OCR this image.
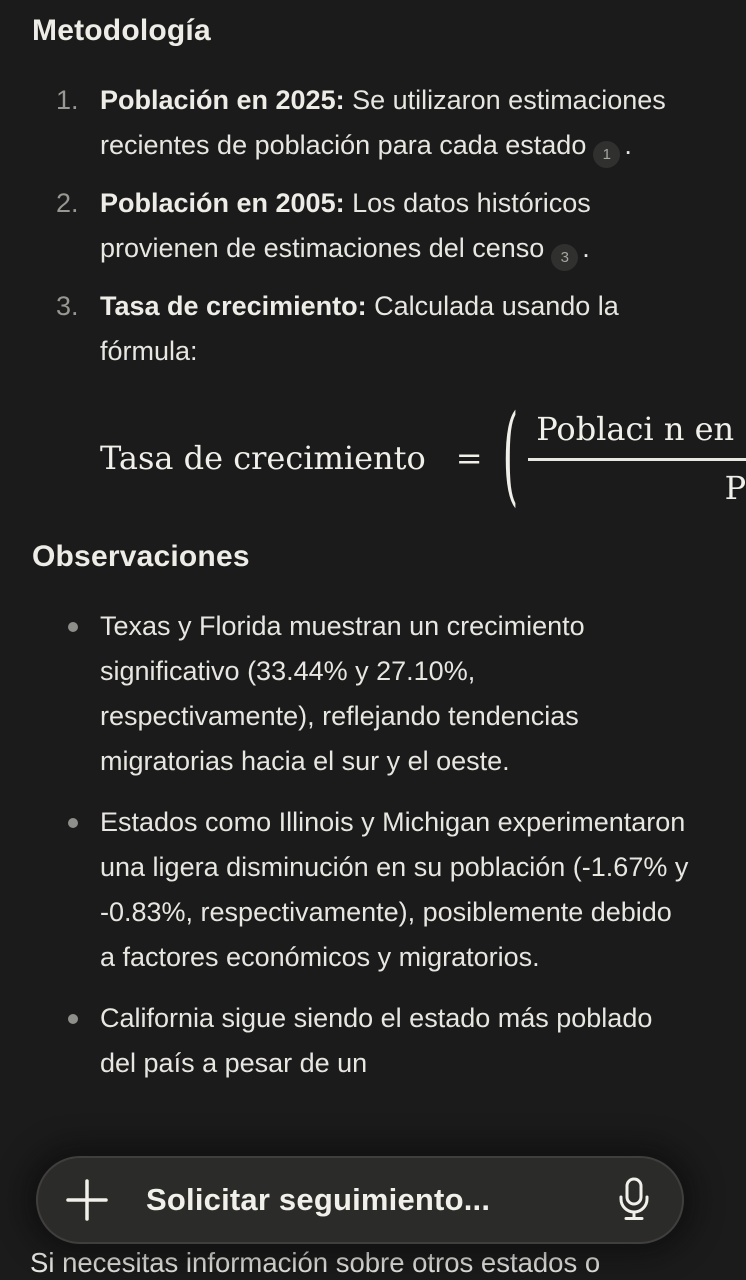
Metodología
1. Población en 2025: Se utilizaron estimaciones recientes de población para cada estado 1 .
2. Población en 2005: Los datos históricos provienen de estimaciones del censo 3 .
3. Tasa de crecimiento: Calculada usando la fórmula:
Tasa de crecimiento = ( $\frac{\text{Poblaci n en}}{P}$
Observaciones
Texas y Florida muestran un crecimiento significativo (33.44% y 27.10%, respectivamente), reflejando tendencias migratorias hacia el sur y el oeste.
Estados como Illinois y Michigan experimentaron una ligera disminución en su población (-1.67% y -0.83%, respectivamente), posiblemente debido a factores económicos y migratorios.
California sigue siendo el estado más poblado del país a pesar de un
Si necesitas información sobre otros estados o
Solicitar seguimiento...
